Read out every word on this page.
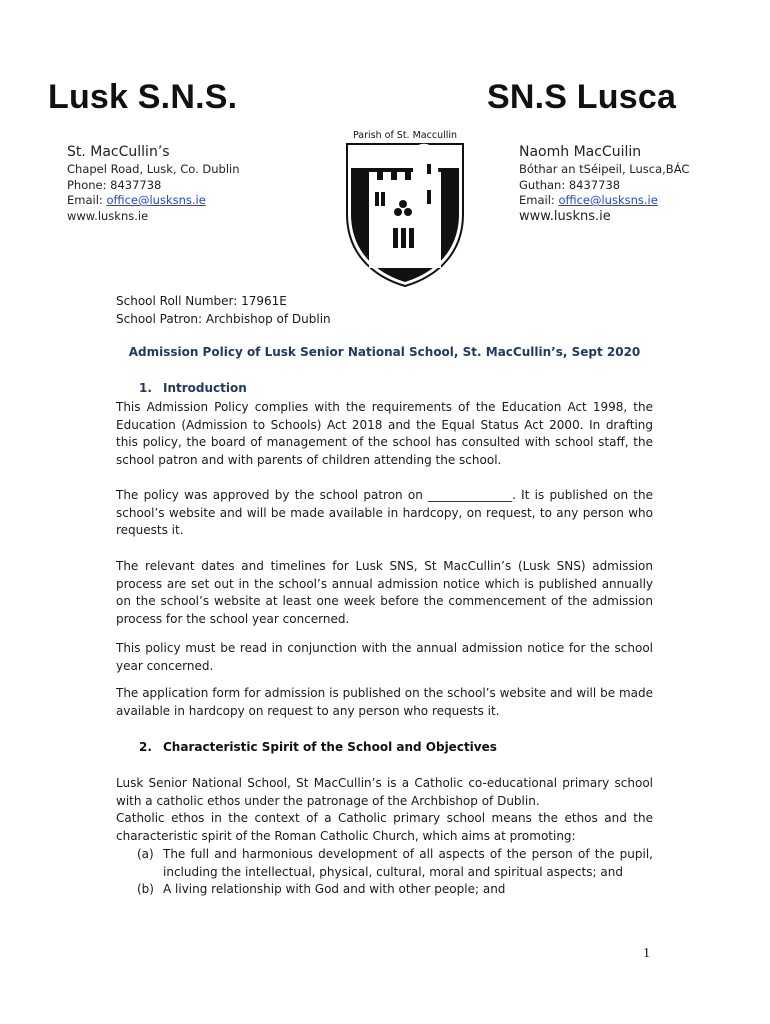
Lusk S.N.S.	SN.S Lusca
St. MacCullin’s
Chapel Road, Lusk, Co. Dublin
Phone: 8437738
Email: office@lusksns.ie
www.luskns.ie
Parish of St. Maccullin
Naomh MacCuilin
Bóthar an tSéipeil, Lusca,BÁC
Guthan: 8437738
Email: office@lusksns.ie
www.luskns.ie
School Roll Number: 17961E
School Patron: Archbishop of Dublin
Admission Policy of Lusk Senior National School, St. MacCullin’s, Sept 2020
1. Introduction
This Admission Policy complies with the requirements of the Education Act 1998, the Education (Admission to Schools) Act 2018 and the Equal Status Act 2000. In drafting this policy, the board of management of the school has consulted with school staff, the school patron and with parents of children attending the school.
The policy was approved by the school patron on ______________. It is published on the school’s website and will be made available in hardcopy, on request, to any person who requests it.
The relevant dates and timelines for Lusk SNS, St MacCullin’s (Lusk SNS) admission process are set out in the school’s annual admission notice which is published annually on the school’s website at least one week before the commencement of the admission process for the school year concerned.
This policy must be read in conjunction with the annual admission notice for the school year concerned.
The application form for admission is published on the school’s website and will be made available in hardcopy on request to any person who requests it.
2. Characteristic Spirit of the School and Objectives
Lusk Senior National School, St MacCullin’s is a Catholic co-educational primary school with a catholic ethos under the patronage of the Archbishop of Dublin.
Catholic ethos in the context of a Catholic primary school means the ethos and the characteristic spirit of the Roman Catholic Church, which aims at promoting:
(a) The full and harmonious development of all aspects of the person of the pupil, including the intellectual, physical, cultural, moral and spiritual aspects; and
(b) A living relationship with God and with other people; and
1
